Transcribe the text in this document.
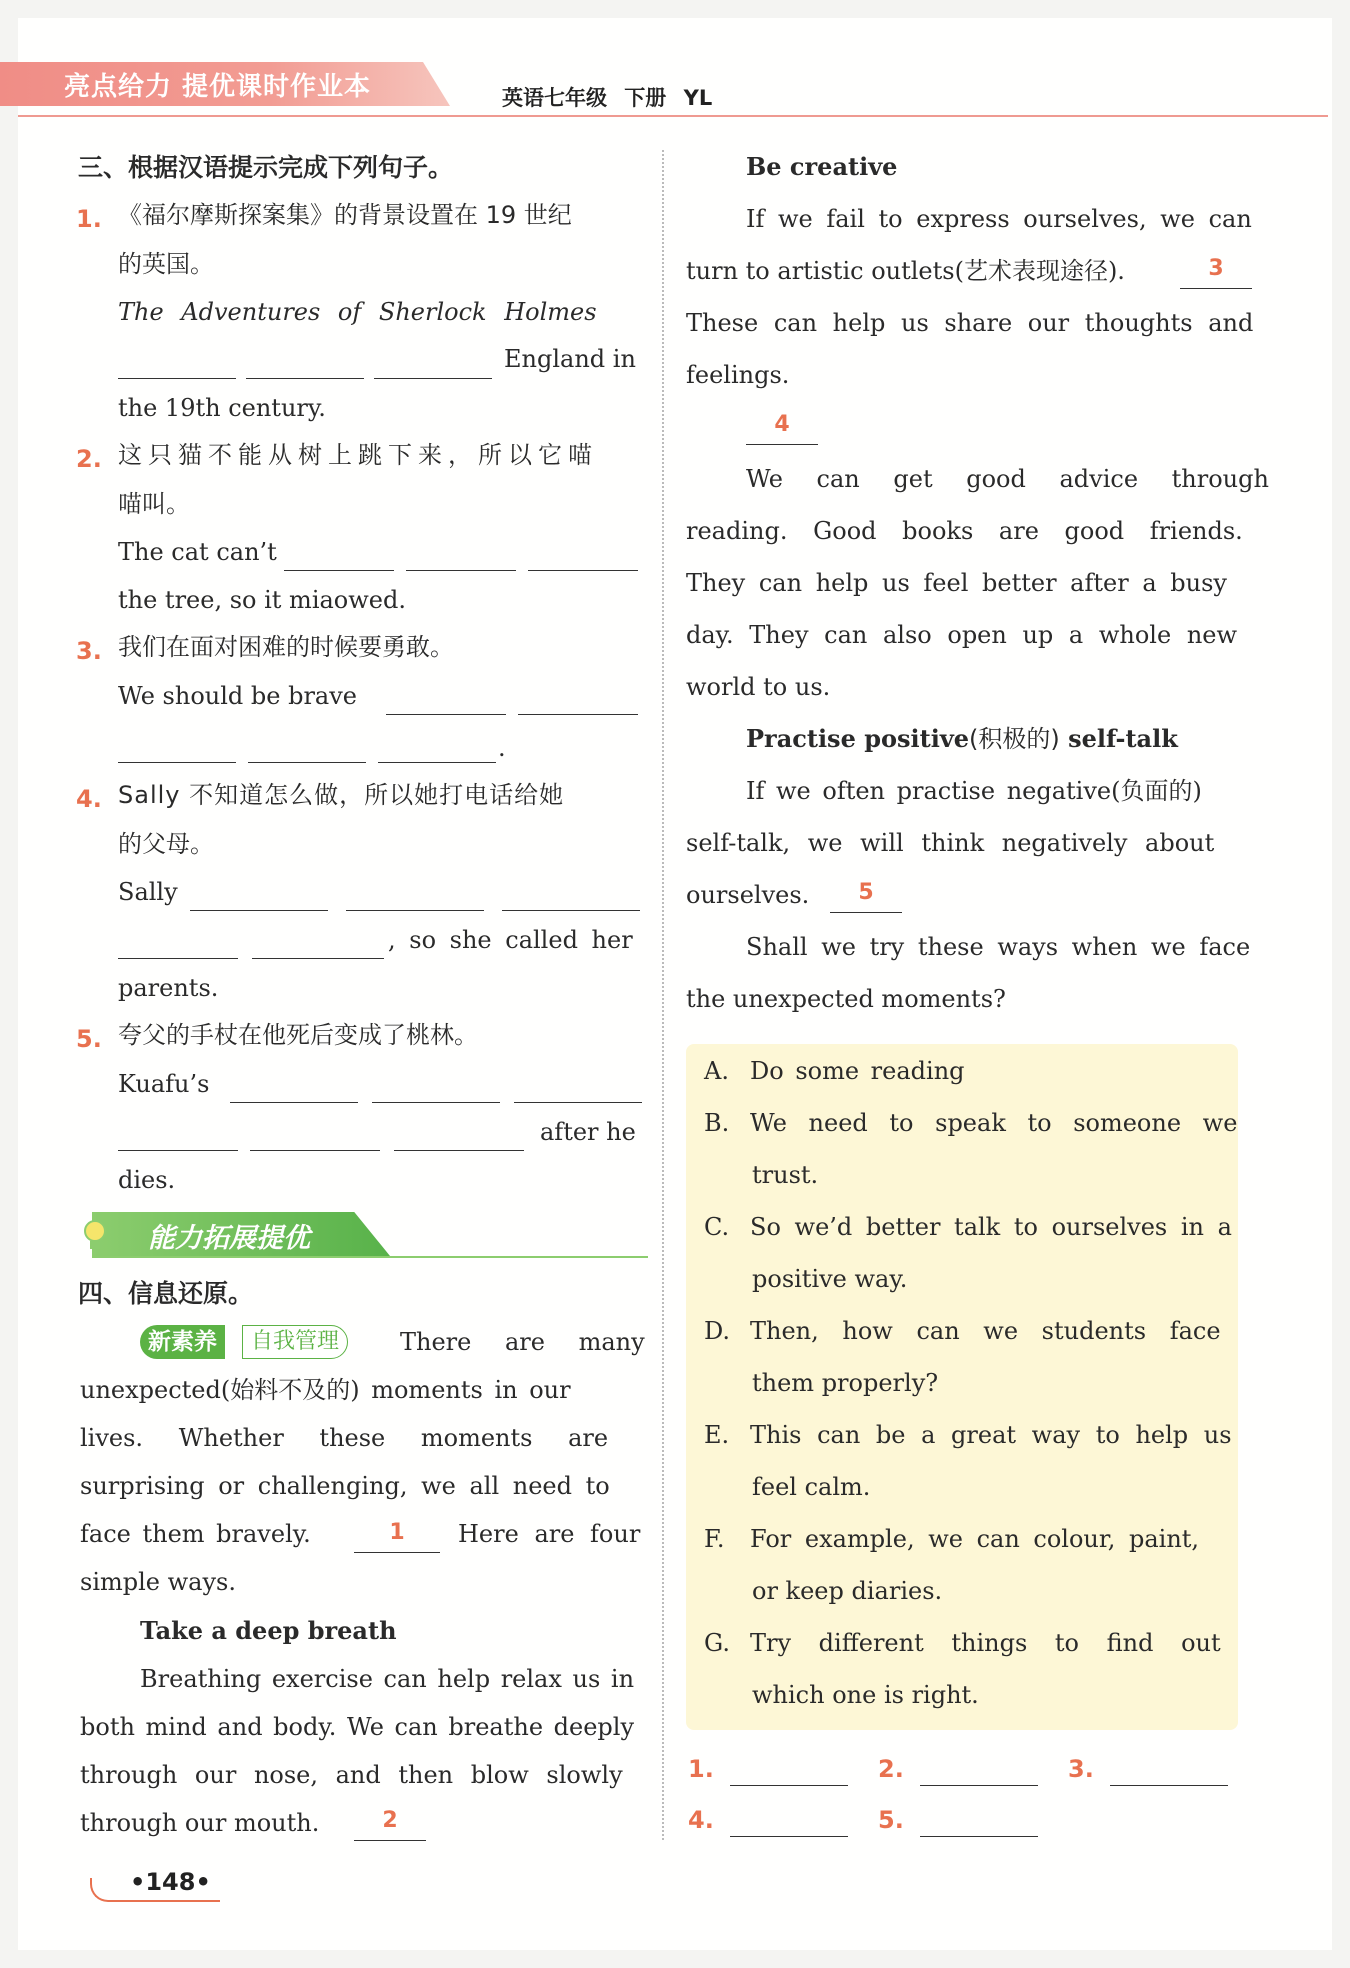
亮点给力 提优课时作业本	英语七年级 下册 YL
三、根据汉语提示完成下列句子。
1. 《福尔摩斯探案集》的背景设置在 19 世纪
的英国。
The Adventures of Sherlock Holmes
England in
the 19th century.
2. 这只猫不能从树上跳下来，所以它喵
喵叫。
The cat can’t
the tree, so it miaowed.
3. 我们在面对困难的时候要勇敢。
We should be brave
.
4. Sally 不知道怎么做，所以她打电话给她
的父母。
Sally
, so she called her
parents.
5. 夸父的手杖在他死后变成了桃林。
Kuafu’s
after he
dies.
能力拓展提优
四、信息还原。
新素养	自我管理	There are many
unexpected(始料不及的) moments in our
lives. Whether these moments are
surprising or challenging, we all need to
face them bravely.	1	Here are four
simple ways.
Take a deep breath
Breathing exercise can help relax us in
both mind and body. We can breathe deeply
through our nose, and then blow slowly
through our mouth.	2
•148•
Be creative
If we fail to express ourselves, we can
turn to artistic outlets(艺术表现途径).	3
These can help us share our thoughts and
feelings.
4
We can get good advice through
reading. Good books are good friends.
They can help us feel better after a busy
day. They can also open up a whole new
world to us.
Practise positive(积极的) self-talk
If we often practise negative(负面的)
self-talk, we will think negatively about
ourselves.	5
Shall we try these ways when we face
the unexpected moments?
A. Do some reading
B. We need to speak to someone we
trust.
C. So we’d better talk to ourselves in a
positive way.
D. Then, how can we students face
them properly?
E. This can be a great way to help us
feel calm.
F. For example, we can colour, paint,
or keep diaries.
G. Try different things to find out
which one is right.
1.	2.	3.
4.	5.
